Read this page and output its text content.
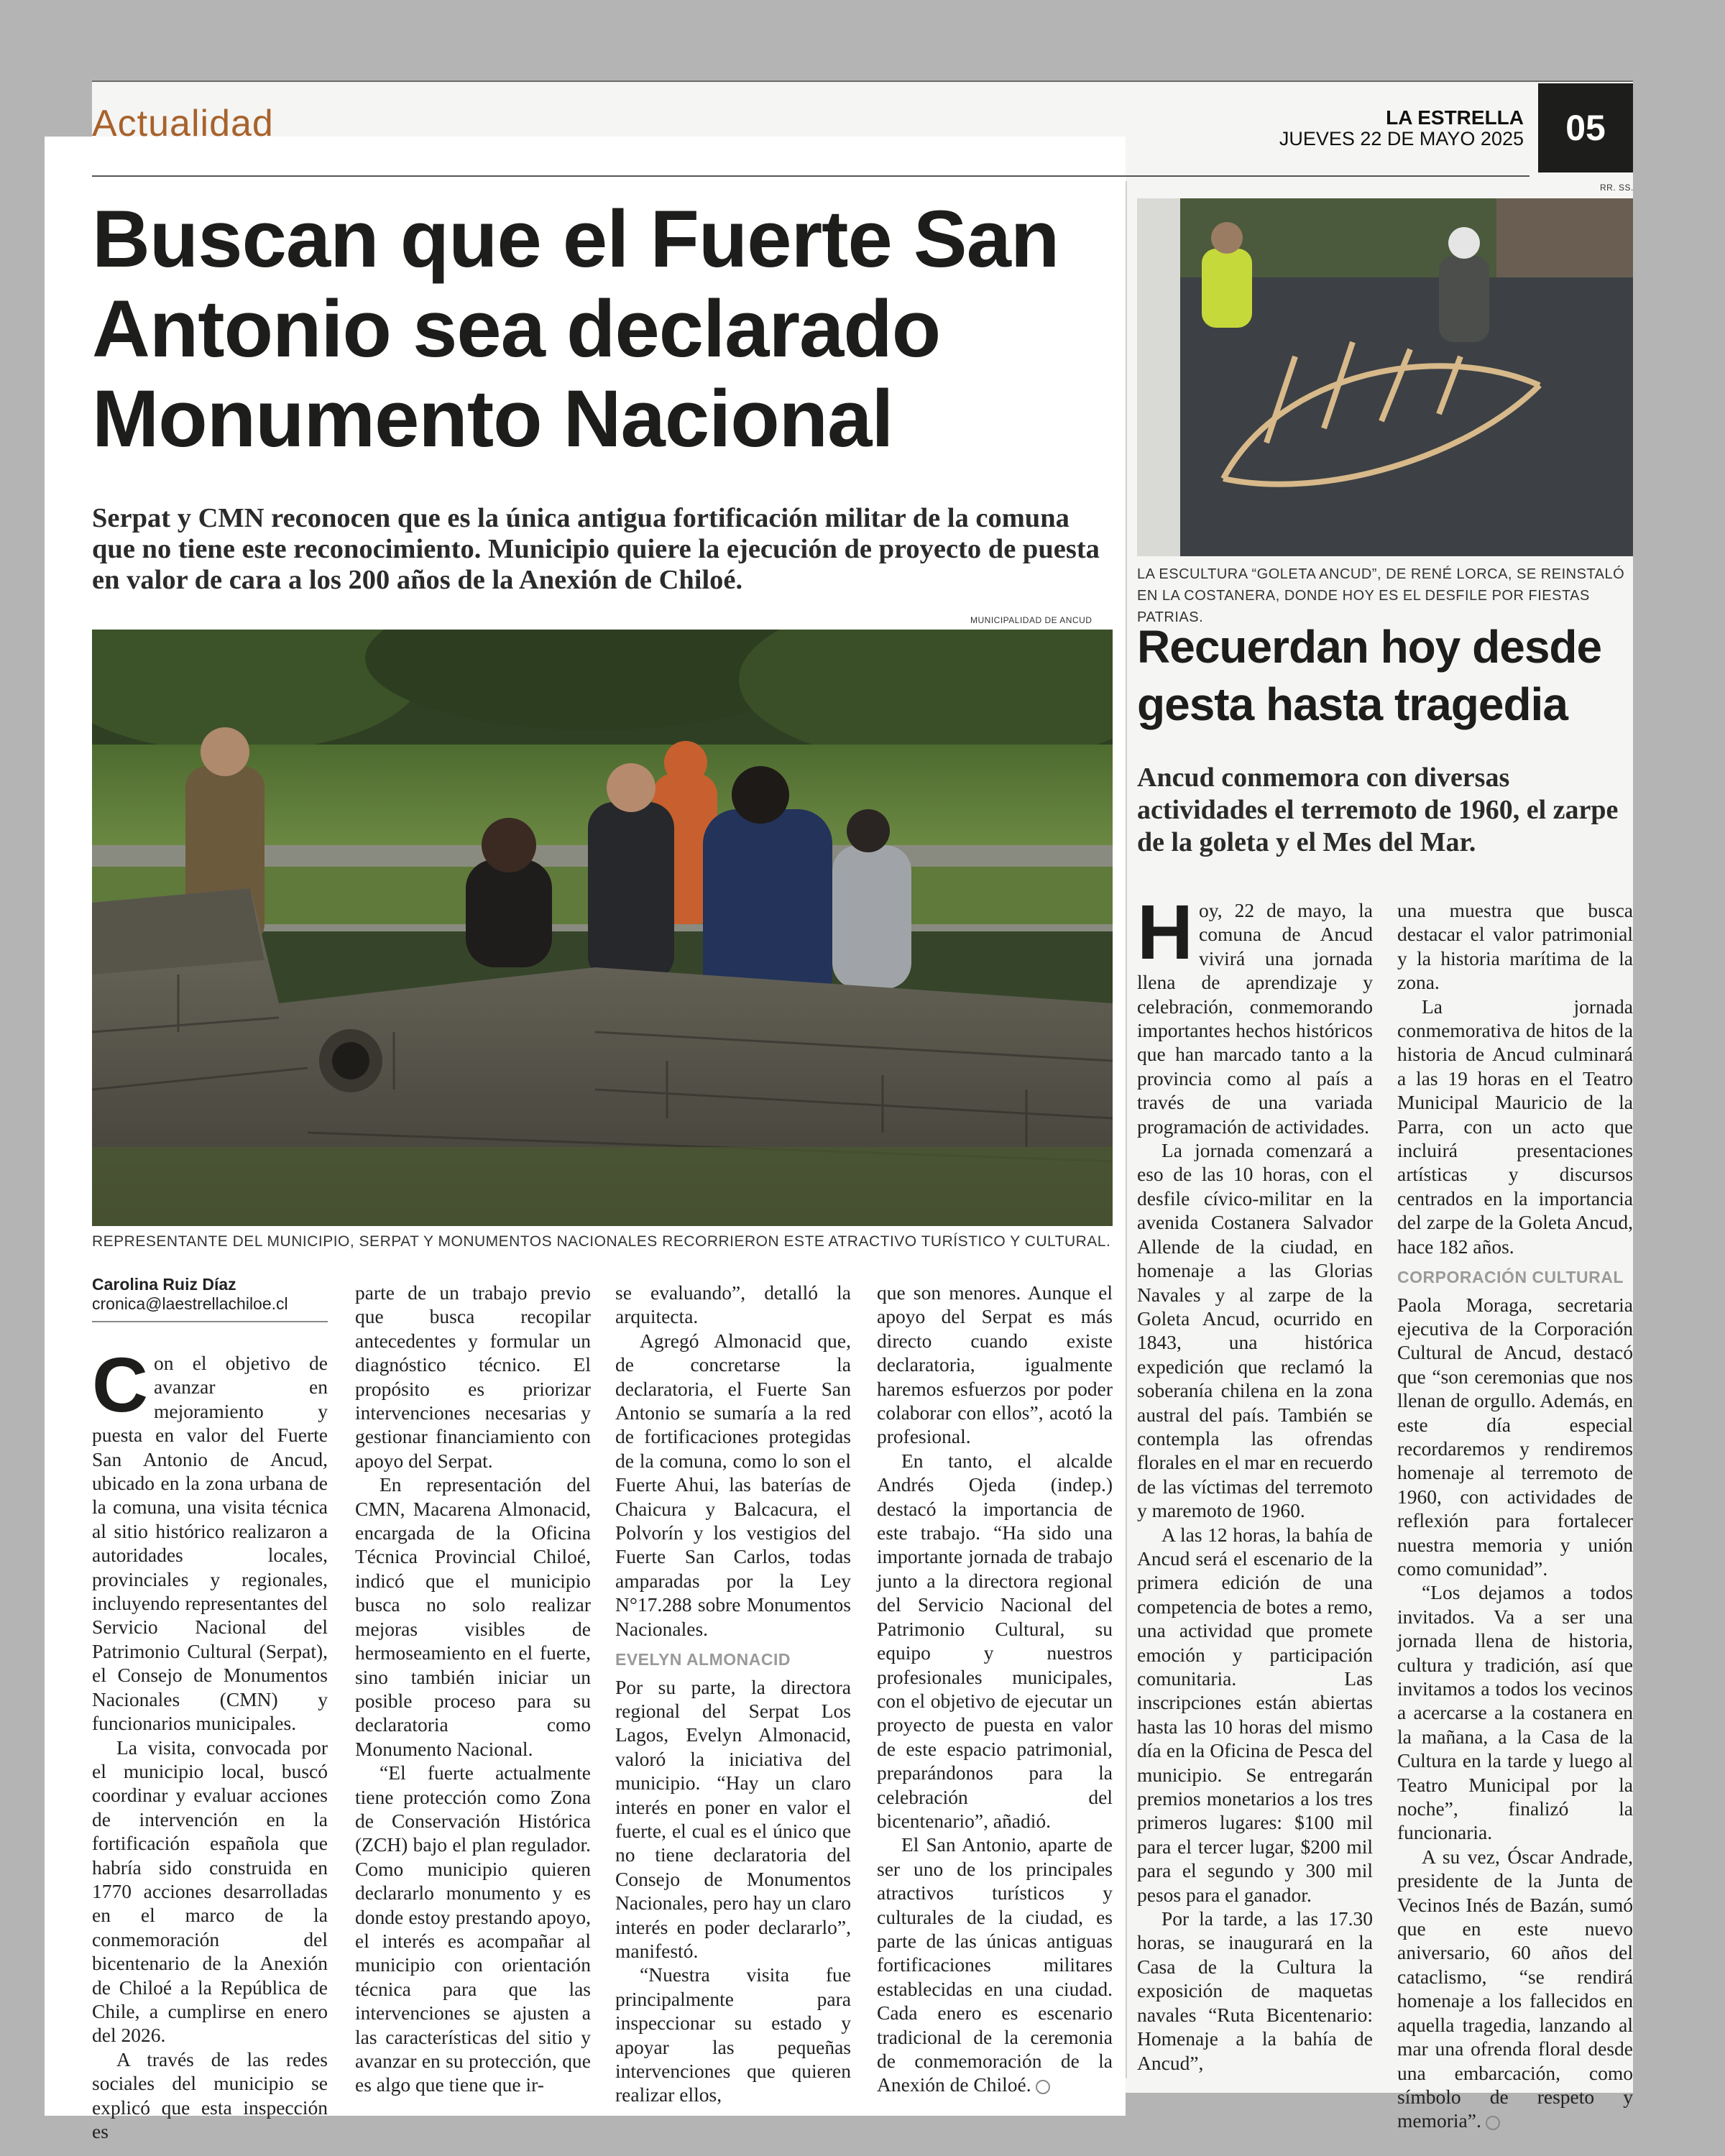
Actualidad	LA ESTRELLA
JUEVES 22 DE MAYO 2025	05
Buscan que el Fuerte San Antonio sea declarado Monumento Nacional
Serpat y CMN reconocen que es la única antigua fortificación militar de la comuna que no tiene este reconocimiento. Municipio quiere la ejecución de proyecto de puesta en valor de cara a los 200 años de la Anexión de Chiloé.
MUNICIPALIDAD DE ANCUD
REPRESENTANTE DEL MUNICIPIO, SERPAT Y MONUMENTOS NACIONALES RECORRIERON ESTE ATRACTIVO TURÍSTICO Y CULTURAL.
Carolina Ruiz Díaz
cronica@laestrellachiloe.cl

Con el objetivo de avanzar en mejoramiento y puesta en valor del Fuerte San Antonio de Ancud, ubicado en la zona urbana de la comuna, una visita técnica al sitio histórico realizaron a autoridades locales, provinciales y regionales, incluyendo representantes del Servicio Nacional del Patrimonio Cultural (Serpat), el Consejo de Monumentos Nacionales (CMN) y funcionarios municipales.

La visita, convocada por el municipio local, buscó coordinar y evaluar acciones de intervención en la fortificación española que habría sido construida en 1770 acciones desarrolladas en el marco de la conmemoración del bicentenario de la Anexión de Chiloé a la República de Chile, a cumplirse en enero del 2026.

A través de las redes sociales del municipio se explicó que esta inspección es

parte de un trabajo previo que busca recopilar antecedentes y formular un diagnóstico técnico. El propósito es priorizar intervenciones necesarias y gestionar financiamiento con apoyo del Serpat.

En representación del CMN, Macarena Almonacid, encargada de la Oficina Técnica Provincial Chiloé, indicó que el municipio busca no solo realizar mejoras visibles de hermoseamiento en el fuerte, sino también iniciar un posible proceso para su declaratoria como Monumento Nacional.

“El fuerte actualmente tiene protección como Zona de Conservación Histórica (ZCH) bajo el plan regulador. Como municipio quieren declararlo monumento y es donde estoy prestando apoyo, el interés es acompañar al municipio con orientación técnica para que las intervenciones se ajusten a las características del sitio y avanzar en su protección, que es algo que tiene que ir-

se evaluando”, detalló la arquitecta.

Agregó Almonacid que, de concretarse la declaratoria, el Fuerte San Antonio se sumaría a la red de fortificaciones protegidas de la comuna, como lo son el Fuerte Ahui, las baterías de Chaicura y Balcacura, el Polvorín y los vestigios del Fuerte San Carlos, todas amparadas por la Ley N°17.288 sobre Monumentos Nacionales.

EVELYN ALMONACID

Por su parte, la directora regional del Serpat Los Lagos, Evelyn Almonacid, valoró la iniciativa del municipio. “Hay un claro interés en poner en valor el fuerte, el cual es el único que no tiene declaratoria del Consejo de Monumentos Nacionales, pero hay un claro interés en poder declararlo”, manifestó.

“Nuestra visita fue principalmente para inspeccionar su estado y apoyar las pequeñas intervenciones que quieren realizar ellos,

que son menores. Aunque el apoyo del Serpat es más directo cuando existe declaratoria, igualmente haremos esfuerzos por poder colaborar con ellos”, acotó la profesional.

En tanto, el alcalde Andrés Ojeda (indep.) destacó la importancia de este trabajo. “Ha sido una importante jornada de trabajo junto a la directora regional del Servicio Nacional del Patrimonio Cultural, su equipo y nuestros profesionales municipales, con el objetivo de ejecutar un proyecto de puesta en valor de este espacio patrimonial, preparándonos para la celebración del bicentenario”, añadió.

El San Antonio, aparte de ser uno de los principales atractivos turísticos y culturales de la ciudad, es parte de las únicas antiguas fortificaciones militares establecidas en una ciudad. Cada enero es escenario tradicional de la ceremonia de conmemoración de la Anexión de Chiloé.

RR. SS.
LA ESCULTURA “GOLETA ANCUD”, DE RENÉ LORCA, SE REINSTALÓ EN LA COSTANERA, DONDE HOY ES EL DESFILE POR FIESTAS PATRIAS.
Recuerdan hoy desde gesta hasta tragedia
Ancud conmemora con diversas actividades el terremoto de 1960, el zarpe de la goleta y el Mes del Mar.

Hoy, 22 de mayo, la comuna de Ancud vivirá una jornada llena de aprendizaje y celebración, conmemorando importantes hechos históricos que han marcado tanto a la provincia como al país a través de una variada programación de actividades.

La jornada comenzará a eso de las 10 horas, con el desfile cívico-militar en la avenida Costanera Salvador Allende de la ciudad, en homenaje a las Glorias Navales y al zarpe de la Goleta Ancud, ocurrido en 1843, una histórica expedición que reclamó la soberanía chilena en la zona austral del país. También se contempla las ofrendas florales en el mar en recuerdo de las víctimas del terremoto y maremoto de 1960.

A las 12 horas, la bahía de Ancud será el escenario de la primera edición de una competencia de botes a remo, una actividad que promete emoción y participación comunitaria. Las inscripciones están abiertas hasta las 10 horas del mismo día en la Oficina de Pesca del municipio. Se entregarán premios monetarios a los tres primeros lugares: $100 mil para el tercer lugar, $200 mil para el segundo y 300 mil pesos para el ganador.

Por la tarde, a las 17.30 horas, se inaugurará en la Casa de la Cultura la exposición de maquetas navales “Ruta Bicentenario: Homenaje a la bahía de Ancud”,

una muestra que busca destacar el valor patrimonial y la historia marítima de la zona.

La jornada conmemorativa de hitos de la historia de Ancud culminará a las 19 horas en el Teatro Municipal Mauricio de la Parra, con un acto que incluirá presentaciones artísticas y discursos centrados en la importancia del zarpe de la Goleta Ancud, hace 182 años.

CORPORACIÓN CULTURAL

Paola Moraga, secretaria ejecutiva de la Corporación Cultural de Ancud, destacó que “son ceremonias que nos llenan de orgullo. Además, en este día especial recordaremos y rendiremos homenaje al terremoto de 1960, con actividades de reflexión para fortalecer nuestra memoria y unión como comunidad”.

“Los dejamos a todos invitados. Va a ser una jornada llena de historia, cultura y tradición, así que invitamos a todos los vecinos a acercarse a la costanera en la mañana, a la Casa de la Cultura en la tarde y luego al Teatro Municipal por la noche”, finalizó la funcionaria.

A su vez, Óscar Andrade, presidente de la Junta de Vecinos Inés de Bazán, sumó que en este nuevo aniversario, 60 años del cataclismo, “se rendirá homenaje a los fallecidos en aquella tragedia, lanzando al mar una ofrenda floral desde una embarcación, como símbolo de respeto y memoria”.
